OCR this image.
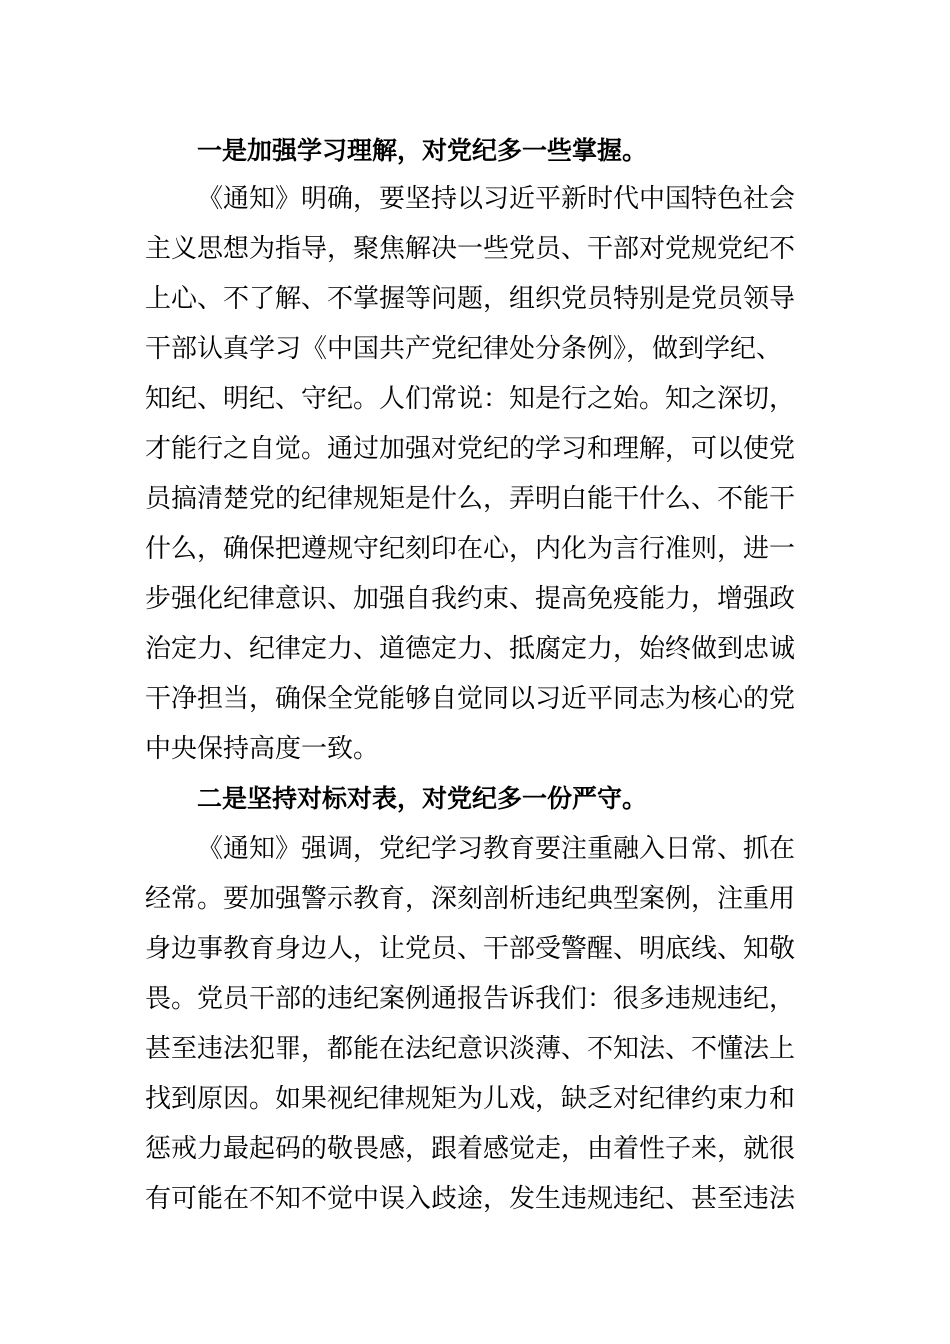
一是加强学习理解，对党纪多一些掌握。
《通知》明确，要坚持以习近平新时代中国特色社会
主义思想为指导，聚焦解决一些党员、干部对党规党纪不
上心、不了解、不掌握等问题，组织党员特别是党员领导
干部认真学习《中国共产党纪律处分条例》，做到学纪、
知纪、明纪、守纪。人们常说：知是行之始。知之深切，
才能行之自觉。通过加强对党纪的学习和理解，可以使党
员搞清楚党的纪律规矩是什么，弄明白能干什么、不能干
什么，确保把遵规守纪刻印在心，内化为言行准则，进一
步强化纪律意识、加强自我约束、提高免疫能力，增强政
治定力、纪律定力、道德定力、抵腐定力，始终做到忠诚
干净担当，确保全党能够自觉同以习近平同志为核心的党
中央保持高度一致。
二是坚持对标对表，对党纪多一份严守。
《通知》强调，党纪学习教育要注重融入日常、抓在
经常。要加强警示教育，深刻剖析违纪典型案例，注重用
身边事教育身边人，让党员、干部受警醒、明底线、知敬
畏。党员干部的违纪案例通报告诉我们：很多违规违纪，
甚至违法犯罪，都能在法纪意识淡薄、不知法、不懂法上
找到原因。如果视纪律规矩为儿戏，缺乏对纪律约束力和
惩戒力最起码的敬畏感，跟着感觉走，由着性子来，就很
有可能在不知不觉中误入歧途，发生违规违纪、甚至违法
